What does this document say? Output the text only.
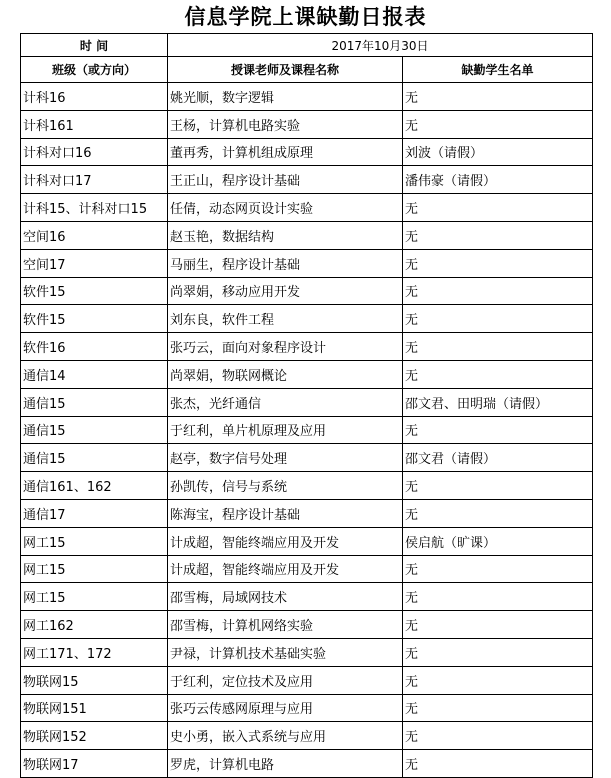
信息学院上课缺勤日报表
时 间	2017年10月30日	
班级（或方向）	授课老师及课程名称	缺勤学生名单
计科16	姚光顺，数字逻辑	无
计科161	王杨，计算机电路实验	无
计科对口16	董再秀，计算机组成原理	刘波（请假）
计科对口17	王正山，程序设计基础	潘伟豪（请假）
计科15、计科对口15	任倩，动态网页设计实验	无
空间16	赵玉艳，数据结构	无
空间17	马丽生，程序设计基础	无
软件15	尚翠娟，移动应用开发	无
软件15	刘东良，软件工程	无
软件16	张巧云，面向对象程序设计	无
通信14	尚翠娟，物联网概论	无
通信15	张杰，光纤通信	邵文君、田明瑞（请假）
通信15	于红利，单片机原理及应用	无
通信15	赵亭，数字信号处理	邵文君（请假）
通信161、162	孙凯传，信号与系统	无
通信17	陈海宝，程序设计基础	无
网工15	计成超，智能终端应用及开发	侯启航（旷课）
网工15	计成超，智能终端应用及开发	无
网工15	邵雪梅，局域网技术	无
网工162	邵雪梅，计算机网络实验	无
网工171、172	尹禄，计算机技术基础实验	无
物联网15	于红利，定位技术及应用	无
物联网151	张巧云传感网原理与应用	无
物联网152	史小勇，嵌入式系统与应用	无
物联网17	罗虎，计算机电路	无
